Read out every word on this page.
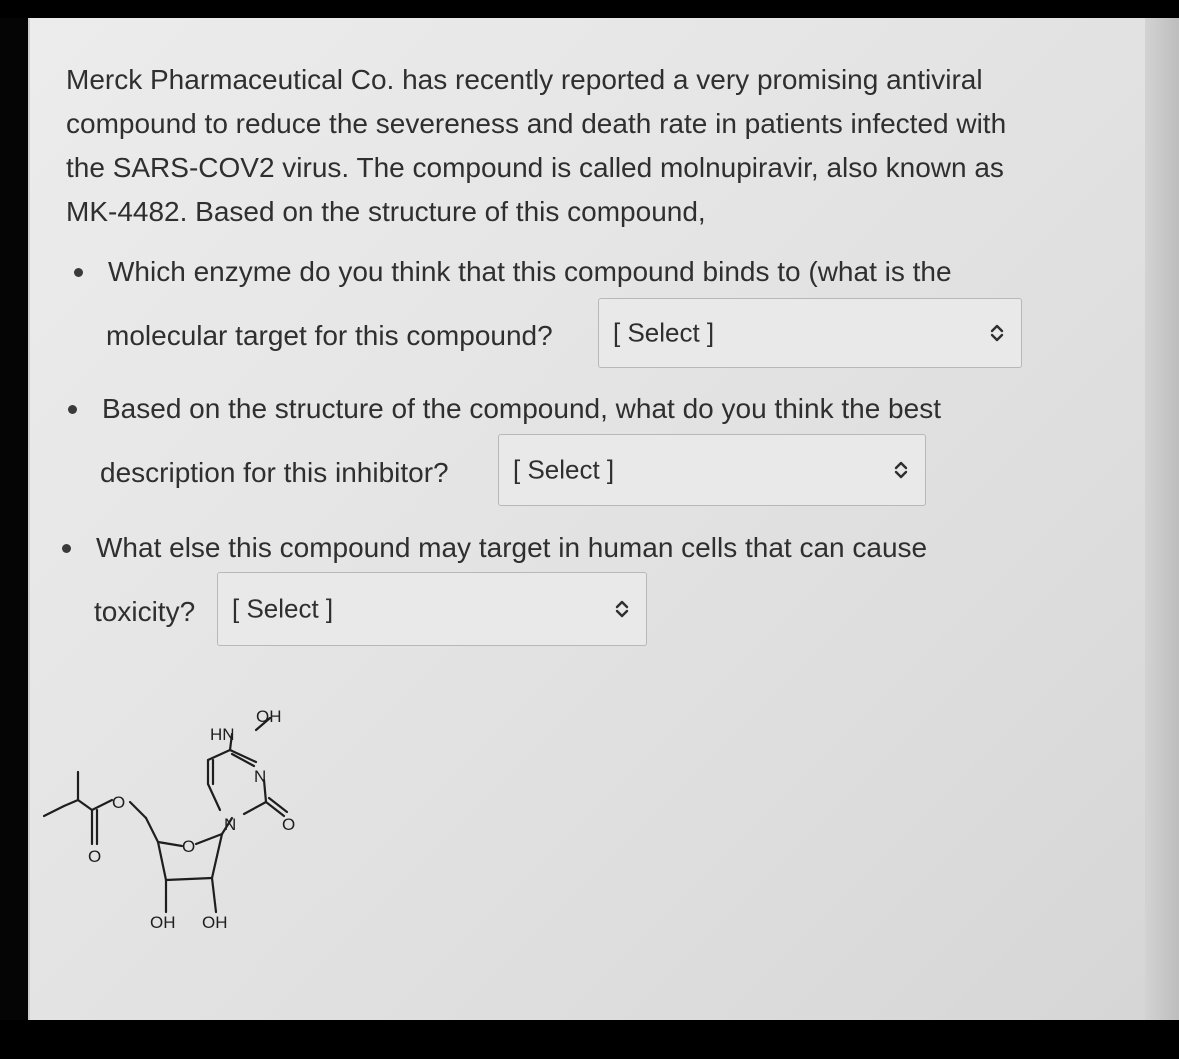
Merck Pharmaceutical Co. has recently reported a very promising antiviral
compound to reduce the severeness and death rate in patients infected with
the SARS-COV2 virus. The compound is called molnupiravir, also known as
MK-4482. Based on the structure of this compound,

Which enzyme do you think that this compound binds to (what is the

molecular target for this compound? [ Select ]

Based on the structure of the compound, what do you think the best

description for this inhibitor? [ Select ]

What else this compound may target in human cells that can cause

toxicity? [ Select ]
HN
OH
N
N	O
O
O
O
OH OH
